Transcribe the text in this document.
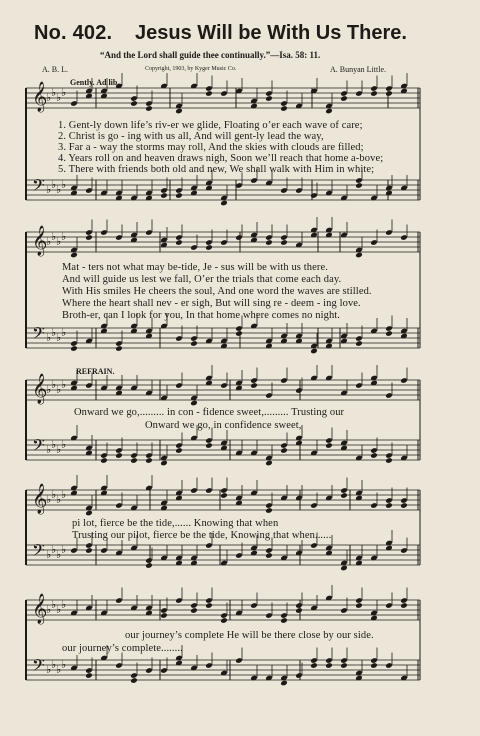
𝄞
♭ ♭ ♭ ♭
𝄢 ♭ ♭ ♭ ♭
𝄞
♭ ♭ ♭ ♭
𝄢 ♭ ♭ ♭ ♭
𝄞
♭ ♭ ♭ ♭
𝄢 ♭ ♭ ♭ ♭
𝄞
♭ ♭ ♭ ♭
𝄢 ♭ ♭ ♭ ♭
𝄞
♭ ♭ ♭ ♭
𝄢 ♭ ♭ ♭ ♭
No. 402. Jesus Will be With Us There.
“And the Lord shall guide thee continually.”—Isa. 58: 11.
A. B. L.	Copyright, 1903, by Kyger Music Co.	A. Bunyan Little.
Gently. Ad lib.
1. Gent-ly down life’s riv-er we glide, Floating o’er each wave of care;
2. Christ is go - ing with us all, And will gent-ly lead the way,
3. Far a - way the storms may roll, And the skies with clouds are filled;
4. Years roll on and heaven draws nigh, Soon we’ll reach that home a-bove;
5. There with friends both old and new, We shall walk with Him in white;
Mat - ters not what may be-tide, Je - sus will be with us there.
And will guide us lest we fall, O’er the trials that come each day.
With His smiles He cheers the soul, And one word the waves are stilled.
Where the heart shall nev - er sigh, But will sing re - deem - ing love.
Broth-er, can I look for you, In that home where comes no night.
REFRAIN.
Onward we go,......... in con - fidence sweet,......... Trusting our
Onward we go, in confidence sweet,
pi lot, fierce be the tide,...... Knowing that when
Trusting our pilot, fierce be the tide, Knowing that when......
our journey’s complete He will be there close by our side.
our journey’s complete........
